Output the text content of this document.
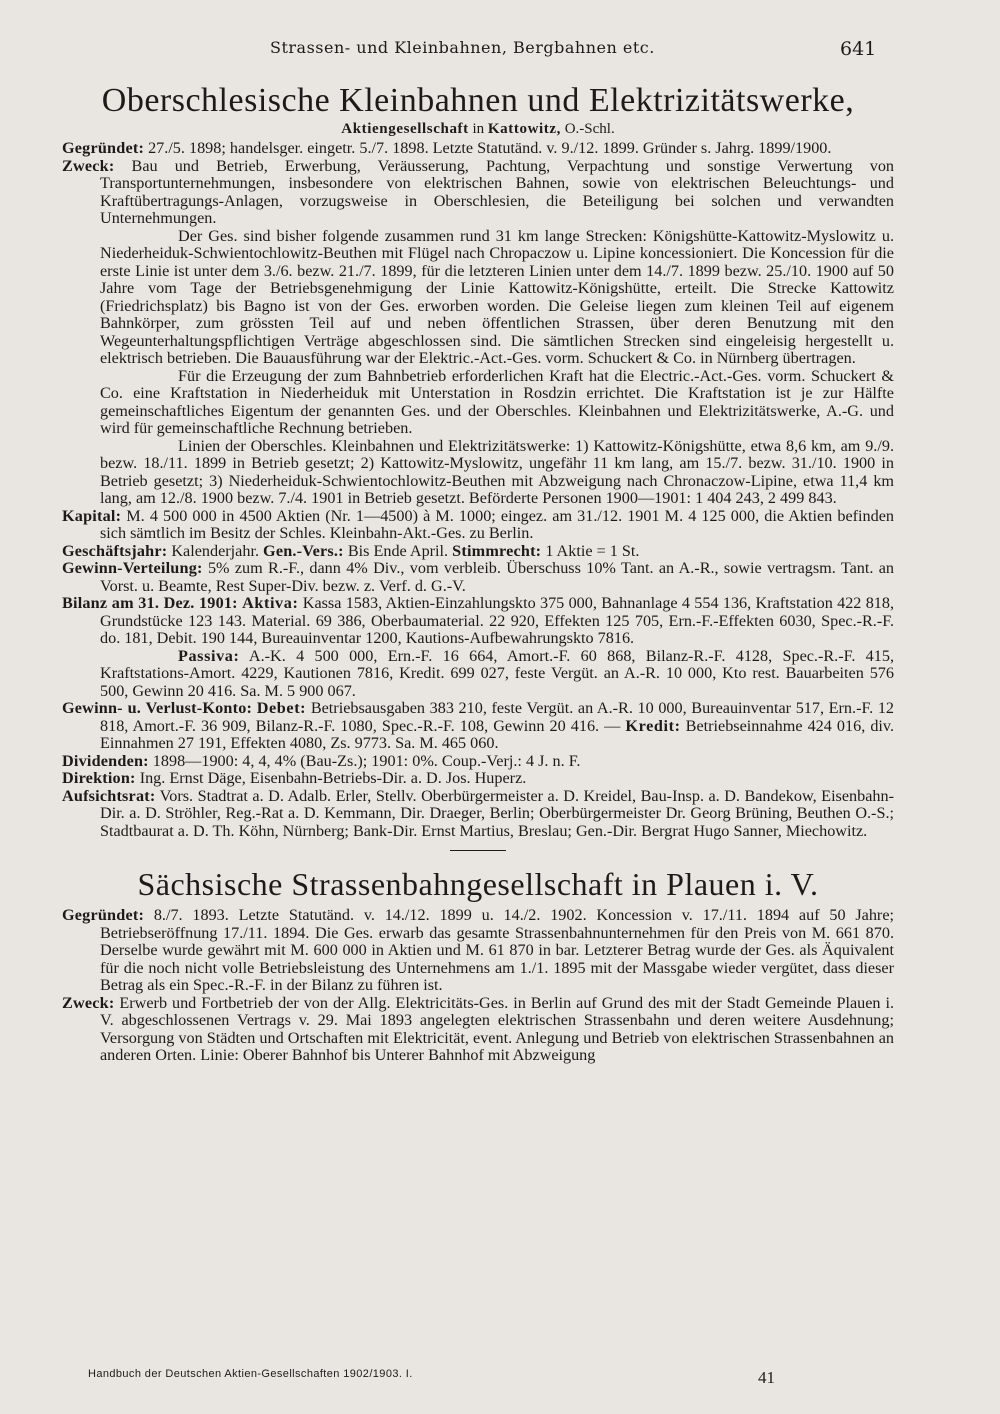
Strassen- und Kleinbahnen, Bergbahnen etc.	641
Oberschlesische Kleinbahnen und Elektrizitätswerke,

Aktiengesellschaft in Kattowitz, O.-Schl.

Gegründet: 27./5. 1898; handelsger. eingetr. 5./7. 1898. Letzte Statutänd. v. 9./12. 1899. Gründer s. Jahrg. 1899/1900.

Zweck: Bau und Betrieb, Erwerbung, Veräusserung, Pachtung, Verpachtung und sonstige Verwertung von Transportunternehmungen, insbesondere von elektrischen Bahnen, sowie von elektrischen Beleuchtungs- und Kraftübertragungs-Anlagen, vorzugsweise in Oberschlesien, die Beteiligung bei solchen und verwandten Unternehmungen.

Der Ges. sind bisher folgende zusammen rund 31 km lange Strecken: Königshütte-Kattowitz-Myslowitz u. Niederheiduk-Schwientochlowitz-Beuthen mit Flügel nach Chropaczow u. Lipine koncessioniert. Die Koncession für die erste Linie ist unter dem 3./6. bezw. 21./7. 1899, für die letzteren Linien unter dem 14./7. 1899 bezw. 25./10. 1900 auf 50 Jahre vom Tage der Betriebsgenehmigung der Linie Kattowitz-Königshütte, erteilt. Die Strecke Kattowitz (Friedrichsplatz) bis Bagno ist von der Ges. erworben worden. Die Geleise liegen zum kleinen Teil auf eigenem Bahnkörper, zum grössten Teil auf und neben öffentlichen Strassen, über deren Benutzung mit den Wegeunterhaltungspflichtigen Verträge abgeschlossen sind. Die sämtlichen Strecken sind eingeleisig hergestellt u. elektrisch betrieben. Die Bauausführung war der Elektric.-Act.-Ges. vorm. Schuckert & Co. in Nürnberg übertragen.

Für die Erzeugung der zum Bahnbetrieb erforderlichen Kraft hat die Electric.-Act.-Ges. vorm. Schuckert & Co. eine Kraftstation in Niederheiduk mit Unterstation in Rosdzin errichtet. Die Kraftstation ist je zur Hälfte gemeinschaftliches Eigentum der genannten Ges. und der Oberschles. Kleinbahnen und Elektrizitätswerke, A.-G. und wird für gemeinschaftliche Rechnung betrieben.

Linien der Oberschles. Kleinbahnen und Elektrizitätswerke: 1) Kattowitz-Königshütte, etwa 8,6 km, am 9./9. bezw. 18./11. 1899 in Betrieb gesetzt; 2) Kattowitz-Myslowitz, ungefähr 11 km lang, am 15./7. bezw. 31./10. 1900 in Betrieb gesetzt; 3) Niederheiduk-Schwientochlowitz-Beuthen mit Abzweigung nach Chronaczow-Lipine, etwa 11,4 km lang, am 12./8. 1900 bezw. 7./4. 1901 in Betrieb gesetzt. Beförderte Personen 1900—1901: 1 404 243, 2 499 843.

Kapital: M. 4 500 000 in 4500 Aktien (Nr. 1—4500) à M. 1000; eingez. am 31./12. 1901 M. 4 125 000, die Aktien befinden sich sämtlich im Besitz der Schles. Kleinbahn-Akt.-Ges. zu Berlin.

Geschäftsjahr: Kalenderjahr. Gen.-Vers.: Bis Ende April. Stimmrecht: 1 Aktie = 1 St.

Gewinn-Verteilung: 5% zum R.-F., dann 4% Div., vom verbleib. Überschuss 10% Tant. an A.-R., sowie vertragsm. Tant. an Vorst. u. Beamte, Rest Super-Div. bezw. z. Verf. d. G.-V.

Bilanz am 31. Dez. 1901: Aktiva: Kassa 1583, Aktien-Einzahlungskto 375 000, Bahnanlage 4 554 136, Kraftstation 422 818, Grundstücke 123 143. Material. 69 386, Oberbaumaterial. 22 920, Effekten 125 705, Ern.-F.-Effekten 6030, Spec.-R.-F. do. 181, Debit. 190 144, Bureauinventar 1200, Kautions-Aufbewahrungskto 7816.

Passiva: A.-K. 4 500 000, Ern.-F. 16 664, Amort.-F. 60 868, Bilanz-R.-F. 4128, Spec.-R.-F. 415, Kraftstations-Amort. 4229, Kautionen 7816, Kredit. 699 027, feste Vergüt. an A.-R. 10 000, Kto rest. Bauarbeiten 576 500, Gewinn 20 416. Sa. M. 5 900 067.

Gewinn- u. Verlust-Konto: Debet: Betriebsausgaben 383 210, feste Vergüt. an A.-R. 10 000, Bureauinventar 517, Ern.-F. 12 818, Amort.-F. 36 909, Bilanz-R.-F. 1080, Spec.-R.-F. 108, Gewinn 20 416. — Kredit: Betriebseinnahme 424 016, div. Einnahmen 27 191, Effekten 4080, Zs. 9773. Sa. M. 465 060.

Dividenden: 1898—1900: 4, 4, 4% (Bau-Zs.); 1901: 0%. Coup.-Verj.: 4 J. n. F.

Direktion: Ing. Ernst Däge, Eisenbahn-Betriebs-Dir. a. D. Jos. Huperz.

Aufsichtsrat: Vors. Stadtrat a. D. Adalb. Erler, Stellv. Oberbürgermeister a. D. Kreidel, Bau-Insp. a. D. Bandekow, Eisenbahn-Dir. a. D. Ströhler, Reg.-Rat a. D. Kemmann, Dir. Draeger, Berlin; Oberbürgermeister Dr. Georg Brüning, Beuthen O.-S.; Stadtbaurat a. D. Th. Köhn, Nürnberg; Bank-Dir. Ernst Martius, Breslau; Gen.-Dir. Bergrat Hugo Sanner, Miechowitz.

Sächsische Strassenbahngesellschaft in Plauen i. V.

Gegründet: 8./7. 1893. Letzte Statutänd. v. 14./12. 1899 u. 14./2. 1902. Koncession v. 17./11. 1894 auf 50 Jahre; Betriebseröffnung 17./11. 1894. Die Ges. erwarb das gesamte Strassenbahnunternehmen für den Preis von M. 661 870. Derselbe wurde gewährt mit M. 600 000 in Aktien und M. 61 870 in bar. Letzterer Betrag wurde der Ges. als Äquivalent für die noch nicht volle Betriebsleistung des Unternehmens am 1./1. 1895 mit der Massgabe wieder vergütet, dass dieser Betrag als ein Spec.-R.-F. in der Bilanz zu führen ist.

Zweck: Erwerb und Fortbetrieb der von der Allg. Elektricitäts-Ges. in Berlin auf Grund des mit der Stadt Gemeinde Plauen i. V. abgeschlossenen Vertrags v. 29. Mai 1893 angelegten elektrischen Strassenbahn und deren weitere Ausdehnung; Versorgung von Städten und Ortschaften mit Elektricität, event. Anlegung und Betrieb von elektrischen Strassenbahnen an anderen Orten. Linie: Oberer Bahnhof bis Unterer Bahnhof mit Abzweigung

Handbuch der Deutschen Aktien-Gesellschaften 1902/1903. I.	41
